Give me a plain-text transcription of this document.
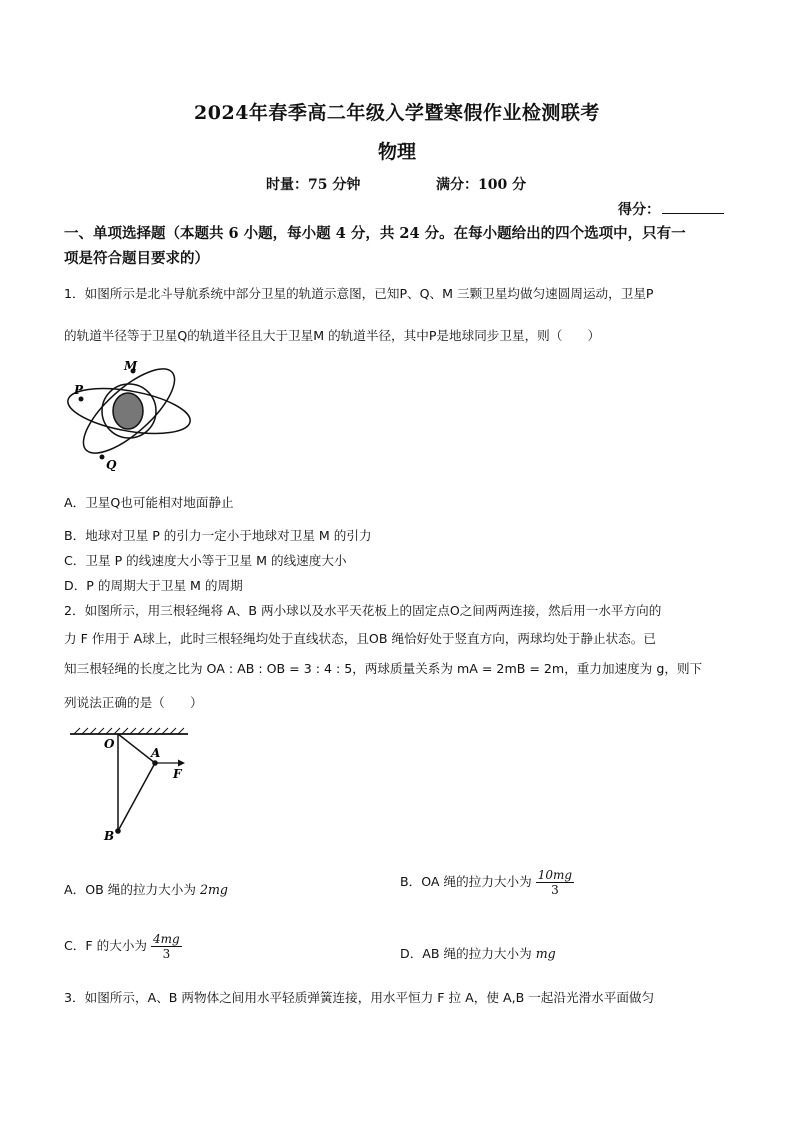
2024年春季高二年级入学暨寒假作业检测联考
物理
时量：75 分钟	满分：100 分
得分：
一、单项选择题（本题共 6 小题，每小题 4 分，共 24 分。在每小题给出的四个选项中，只有一
项是符合题目要求的）
1．如图所示是北斗导航系统中部分卫星的轨道示意图，已知P、Q、M 三颗卫星均做匀速圆周运动，卫星P
的轨道半径等于卫星Q的轨道半径且大于卫星M 的轨道半径，其中P是地球同步卫星，则（　　）
P
M
Q
A．卫星Q也可能相对地面静止
B．地球对卫星 P 的引力一定小于地球对卫星 M 的引力
C．卫星 P 的线速度大小等于卫星 M 的线速度大小
D．P 的周期大于卫星 M 的周期
2．如图所示，用三根轻绳将 A、B 两小球以及水平天花板上的固定点O之间两两连接，然后用一水平方向的
力 F 作用于 A球上，此时三根轻绳均处于直线状态，且OB 绳恰好处于竖直方向，两球均处于静止状态。已
知三根轻绳的长度之比为 OA : AB : OB = 3 : 4 : 5，两球质量关系为 mA = 2mB = 2m，重力加速度为 g，则下
列说法正确的是（　　）
O
A
B
F
A．OB 绳的拉力大小为 2mg
B．OA 绳的拉力大小为 $\frac{10mg}{3}$
C．F 的大小为 $\frac{4mg}{3}$	D．AB 绳的拉力大小为 mg
3．如图所示，A、B 两物体之间用水平轻质弹簧连接，用水平恒力 F 拉 A，使 A,B 一起沿光滑水平面做匀
